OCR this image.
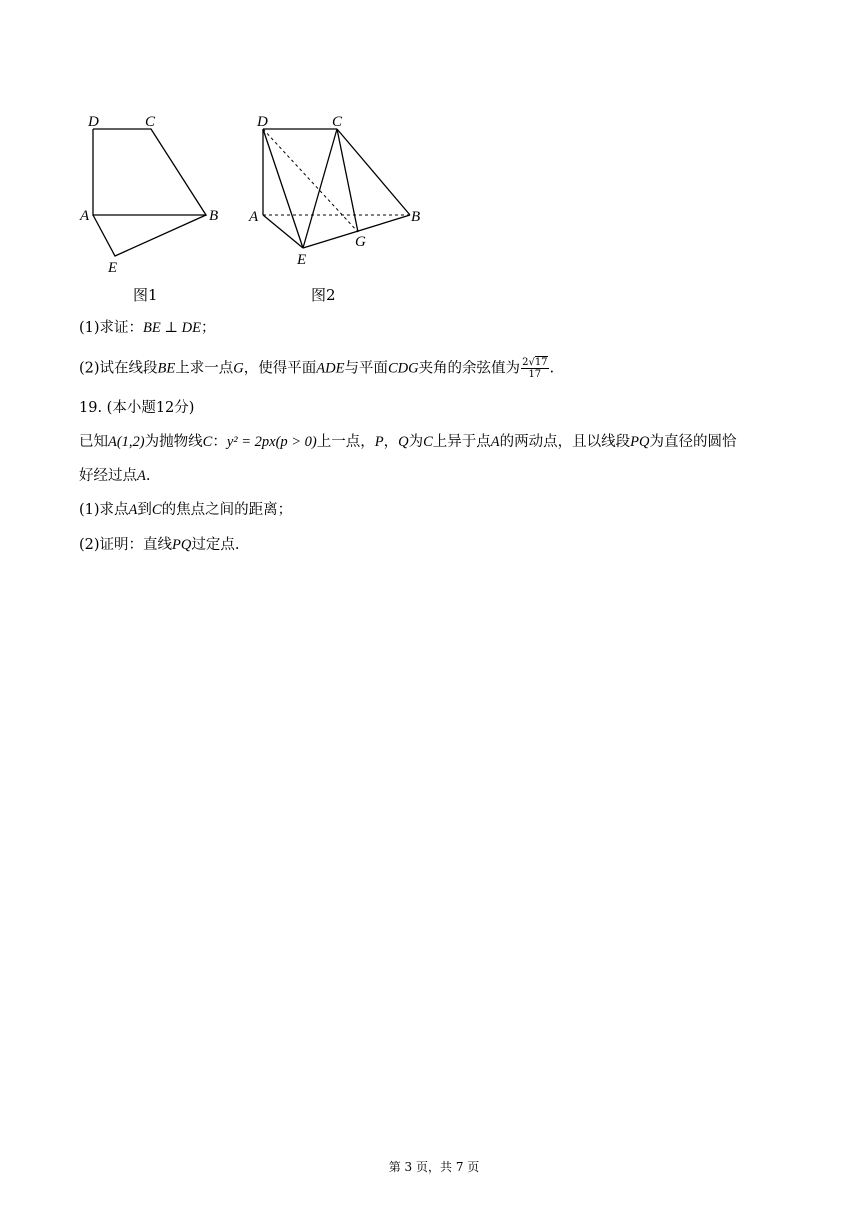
D	C
A	B
E
图1
D	C
A	B
G
E
图2
(1)求证：BE ⊥ DE；
(2)试在线段BE上求一点G，使得平面ADE与平面CDG夹角的余弦值为 $\frac{2√17}{17}$ .
19. (本小题12分)
已知A(1,2)为抛物线C：y² = 2px(p > 0)上一点，P，Q为C上异于点A的两动点，且以线段PQ为直径的圆恰
好经过点A.
(1)求点A到C的焦点之间的距离；
(2)证明：直线PQ过定点.
第 3 页，共 7 页
